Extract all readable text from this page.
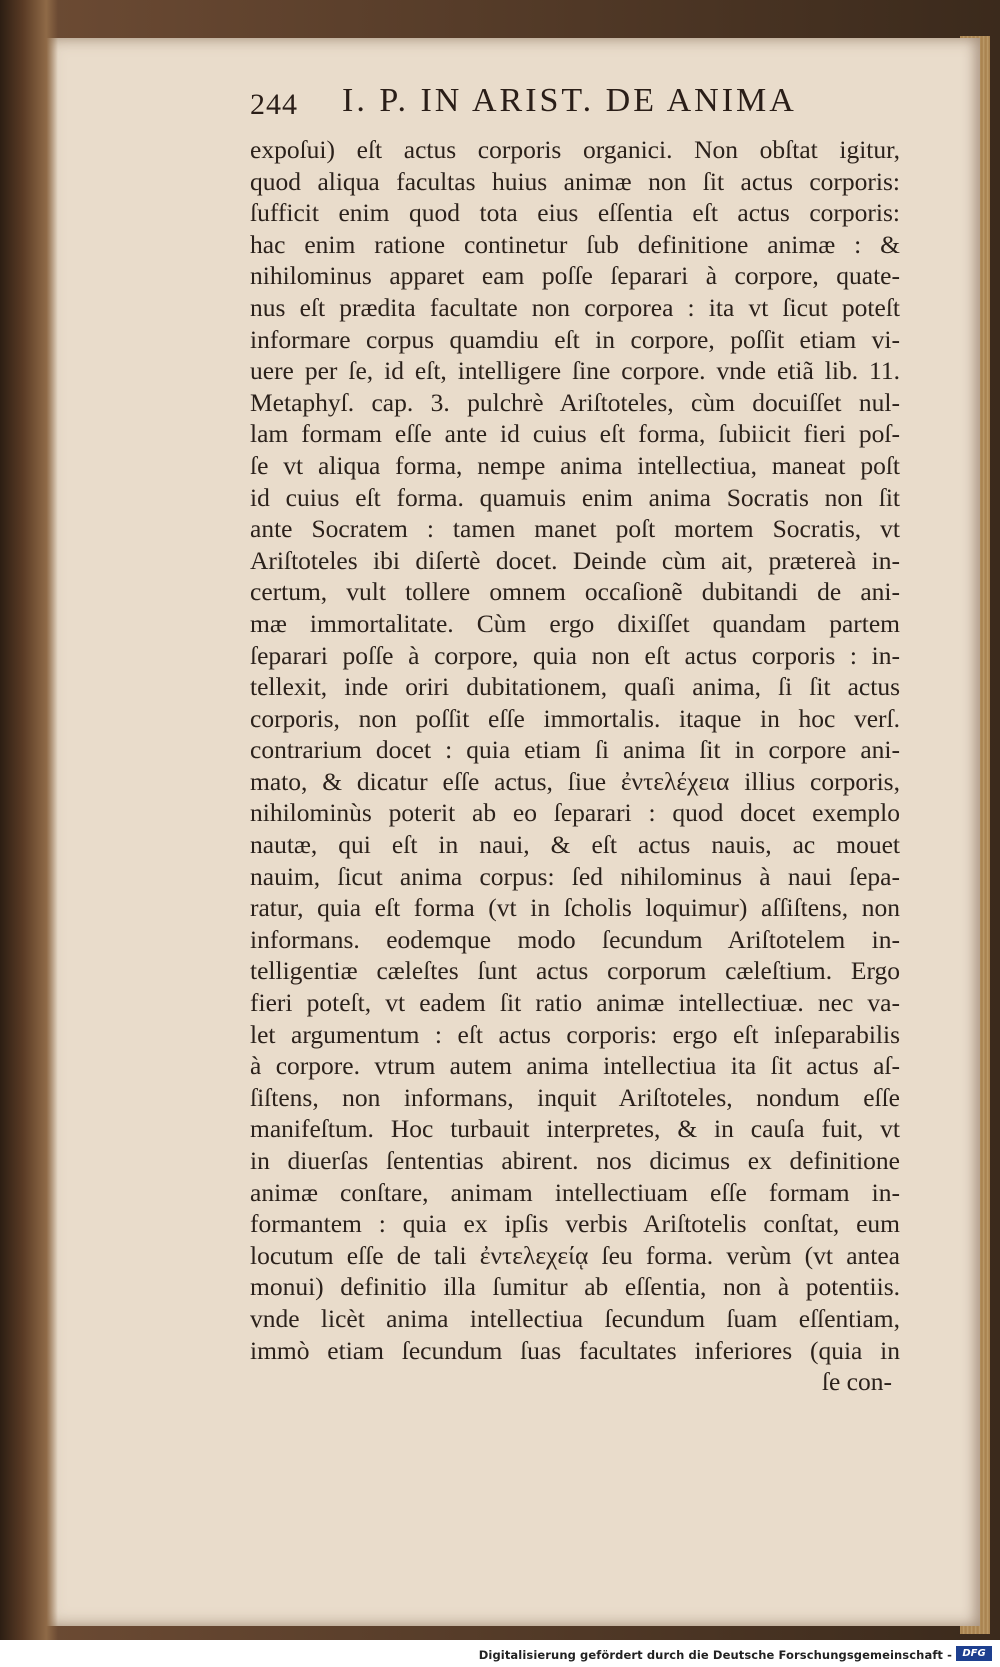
244 I. P. IN ARIST. DE ANIMA
expoſui) eſt actus corporis organici. Non obſtat igitur,
quod aliqua facultas huius animæ non ſit actus corporis:
ſufficit enim quod tota eius eſſentia eſt actus corporis:
hac enim ratione continetur ſub definitione animæ : &
nihilominus apparet eam poſſe ſeparari à corpore, quate-
nus eſt prædita facultate non corporea : ita vt ſicut poteſt
informare corpus quamdiu eſt in corpore, poſſit etiam vi-
uere per ſe, id eſt, intelligere ſine corpore. vnde etiã lib. 11.
Metaphyſ. cap. 3. pulchrè Ariſtoteles, cùm docuiſſet nul-
lam formam eſſe ante id cuius eſt forma, ſubiicit fieri poſ-
ſe vt aliqua forma, nempe anima intellectiua, maneat poſt
id cuius eſt forma. quamuis enim anima Socratis non ſit
ante Socratem : tamen manet poſt mortem Socratis, vt
Ariſtoteles ibi diſertè docet. Deinde cùm ait, prætereà in-
certum, vult tollere omnem occaſionẽ dubitandi de ani-
mæ immortalitate. Cùm ergo dixiſſet quandam partem
ſeparari poſſe à corpore, quia non eſt actus corporis : in-
tellexit, inde oriri dubitationem, quaſi anima, ſi ſit actus
corporis, non poſſit eſſe immortalis. itaque in hoc verſ.
contrarium docet : quia etiam ſi anima ſit in corpore ani-
mato, & dicatur eſſe actus, ſiue ἐντελέχεια illius corporis,
nihilominùs poterit ab eo ſeparari : quod docet exemplo
nautæ, qui eſt in naui, & eſt actus nauis, ac mouet
nauim, ſicut anima corpus: ſed nihilominus à naui ſepa-
ratur, quia eſt forma (vt in ſcholis loquimur) aſſiſtens, non
informans. eodemque modo ſecundum Ariſtotelem in-
telligentiæ cæleſtes ſunt actus corporum cæleſtium. Ergo
fieri poteſt, vt eadem ſit ratio animæ intellectiuæ. nec va-
let argumentum : eſt actus corporis: ergo eſt inſeparabilis
à corpore. vtrum autem anima intellectiua ita ſit actus aſ-
ſiſtens, non informans, inquit Ariſtoteles, nondum eſſe
manifeſtum. Hoc turbauit interpretes, & in cauſa fuit, vt
in diuerſas ſententias abirent. nos dicimus ex definitione
animæ conſtare, animam intellectiuam eſſe formam in-
formantem : quia ex ipſis verbis Ariſtotelis conſtat, eum
locutum eſſe de tali ἐντελεχείᾳ ſeu forma. verùm (vt antea
monui) definitio illa ſumitur ab eſſentia, non à potentiis.
vnde licèt anima intellectiua ſecundum ſuam eſſentiam,
immò etiam ſecundum ſuas facultates inferiores (quia in
ſe con-
Digitalisierung gefördert durch die Deutsche Forschungsgemeinschaft -	DFG
